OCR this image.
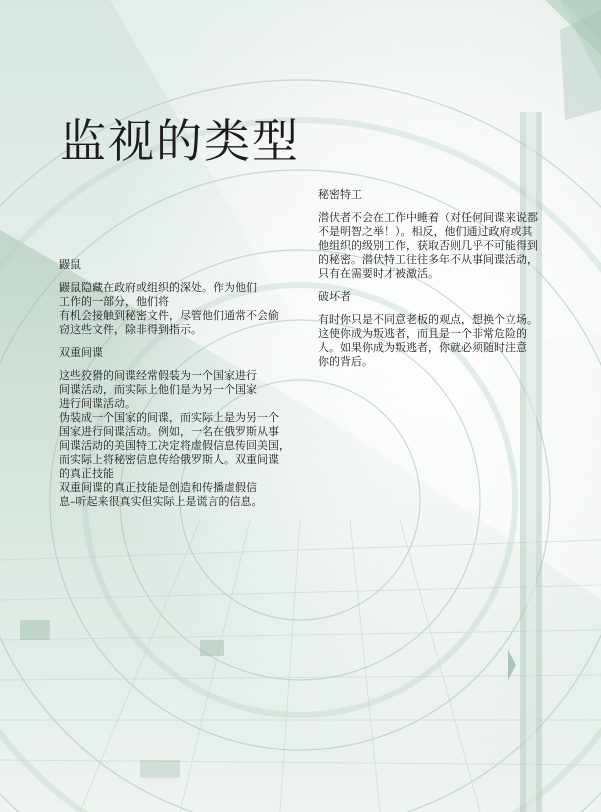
监视的类型

鼹鼠

鼹鼠隐藏在政府或组织的深处。作为他们
工作的一部分，他们将
有机会接触到秘密文件，尽管他们通常不会偷
窃这些文件，除非得到指示。

双重间谍

这些狡猾的间谍经常假装为一个国家进行
间谍活动，而实际上他们是为另一个国家
进行间谍活动。
伪装成一个国家的间谍，而实际上是为另一个
国家进行间谍活动。例如，一名在俄罗斯从事
间谍活动的美国特工决定将虚假信息传回美国，
而实际上将秘密信息传给俄罗斯人。双重间谍
的真正技能
双重间谍的真正技能是创造和传播虚假信
息–听起来很真实但实际上是谎言的信息。

秘密特工

潜伏者不会在工作中睡着（对任何间谍来说都
不是明智之举！）。相反，他们通过政府或其
他组织的级别工作，获取否则几乎不可能得到
的秘密。潜伏特工往往多年不从事间谍活动，
只有在需要时才被激活。

破坏者

有时你只是不同意老板的观点，想换个立场。
这使你成为叛逃者，而且是一个非常危险的
人。如果你成为叛逃者，你就必须随时注意
你的背后。
